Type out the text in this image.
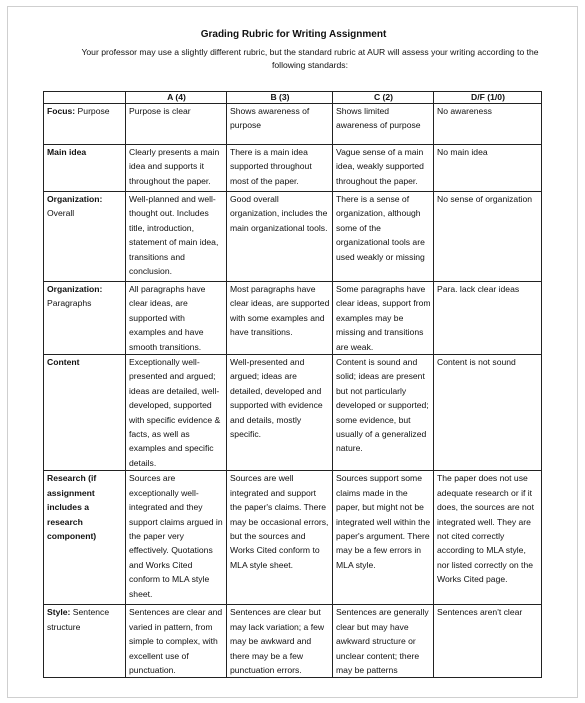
Grading Rubric for Writing Assignment
Your professor may use a slightly different rubric, but the standard rubric at AUR will assess your writing according to the
following standards:
	A (4)	B (3)	C (2)	D/F (1/0)
Focus: Purpose	Purpose is clear	Shows awareness of purpose	Shows limited awareness of purpose	No awareness
Main idea	Clearly presents a main idea and supports it throughout the paper.	There is a main idea supported throughout most of the paper.	Vague sense of a main idea, weakly supported throughout the paper.	No main idea
Organization: Overall	Well-planned and well-thought out. Includes title, introduction, statement of main idea, transitions and conclusion.	Good overall organization, includes the main organizational tools.	There is a sense of organization, although some of the organizational tools are used weakly or missing	No sense of organization
Organization: Paragraphs	All paragraphs have clear ideas, are supported with examples and have smooth transitions.	Most paragraphs have clear ideas, are supported with some examples and have transitions.	Some paragraphs have clear ideas, support from examples may be missing and transitions are weak.	Para. lack clear ideas
Content	Exceptionally well-presented and argued; ideas are detailed, well-developed, supported with specific evidence & facts, as well as examples and specific details.	Well-presented and argued; ideas are detailed, developed and supported with evidence and details, mostly specific.	Content is sound and solid; ideas are present but not particularly developed or supported; some evidence, but usually of a generalized nature.	Content is not sound
Research (if assignment includes a research component)	Sources are exceptionally well-integrated and they support claims argued in the paper very effectively. Quotations and Works Cited conform to MLA style sheet.	Sources are well integrated and support the paper's claims. There may be occasional errors, but the sources and Works Cited conform to MLA style sheet.	Sources support some claims made in the paper, but might not be integrated well within the paper's argument. There may be a few errors in MLA style.	The paper does not use adequate research or if it does, the sources are not integrated well. They are not cited correctly according to MLA style, nor listed correctly on the Works Cited page.
Style: Sentence structure	Sentences are clear and varied in pattern, from simple to complex, with excellent use of punctuation.	Sentences are clear but may lack variation; a few may be awkward and there may be a few punctuation errors.	Sentences are generally clear but may have awkward structure or unclear content; there may be patterns	Sentences aren't clear
